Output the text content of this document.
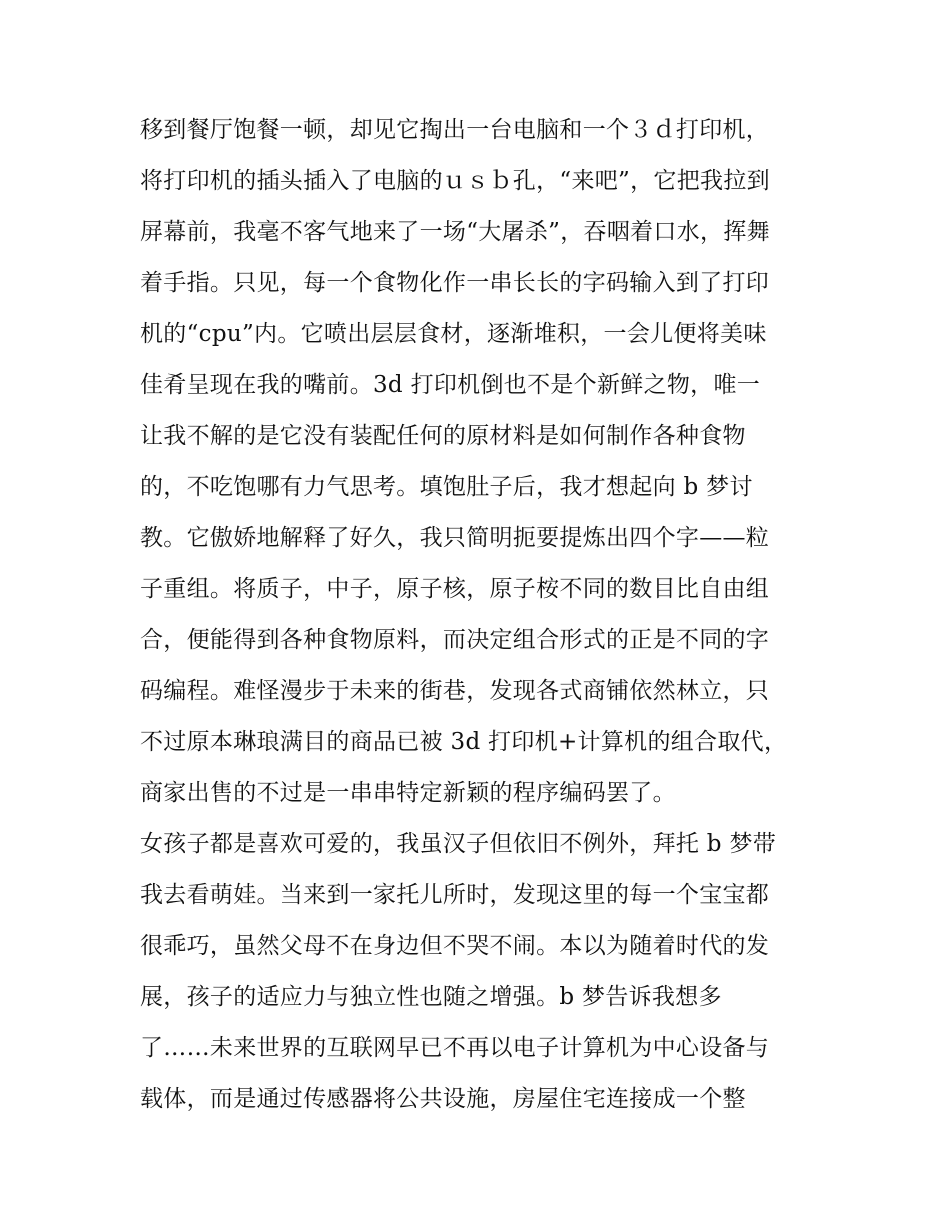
移到餐厅饱餐一顿，却见它掏出一台电脑和一个３ｄ打印机，
将打印机的插头插入了电脑的ｕｓｂ孔，“来吧”，它把我拉到
屏幕前，我毫不客气地来了一场“大屠杀”，吞咽着口水，挥舞
着手指。只见，每一个食物化作一串长长的字码输入到了打印
机的“cpu”内。它喷出层层食材，逐渐堆积，一会儿便将美味
佳肴呈现在我的嘴前。3d 打印机倒也不是个新鲜之物，唯一
让我不解的是它没有装配任何的原材料是如何制作各种食物
的，不吃饱哪有力气思考。填饱肚子后，我才想起向 b 梦讨
教。它傲娇地解释了好久，我只简明扼要提炼出四个字——粒
子重组。将质子，中子，原子核，原子桉不同的数目比自由组
合，便能得到各种食物原料，而决定组合形式的正是不同的字
码编程。难怪漫步于未来的街巷，发现各式商铺依然林立，只
不过原本琳琅满目的商品已被 3d 打印机+计算机的组合取代，
商家出售的不过是一串串特定新颖的程序编码罢了。
女孩子都是喜欢可爱的，我虽汉子但依旧不例外，拜托 b 梦带
我去看萌娃。当来到一家托儿所时，发现这里的每一个宝宝都
很乖巧，虽然父母不在身边但不哭不闹。本以为随着时代的发
展，孩子的适应力与独立性也随之增强。b 梦告诉我想多
了……未来世界的互联网早已不再以电子计算机为中心设备与
载体，而是通过传感器将公共设施，房屋住宅连接成一个整
